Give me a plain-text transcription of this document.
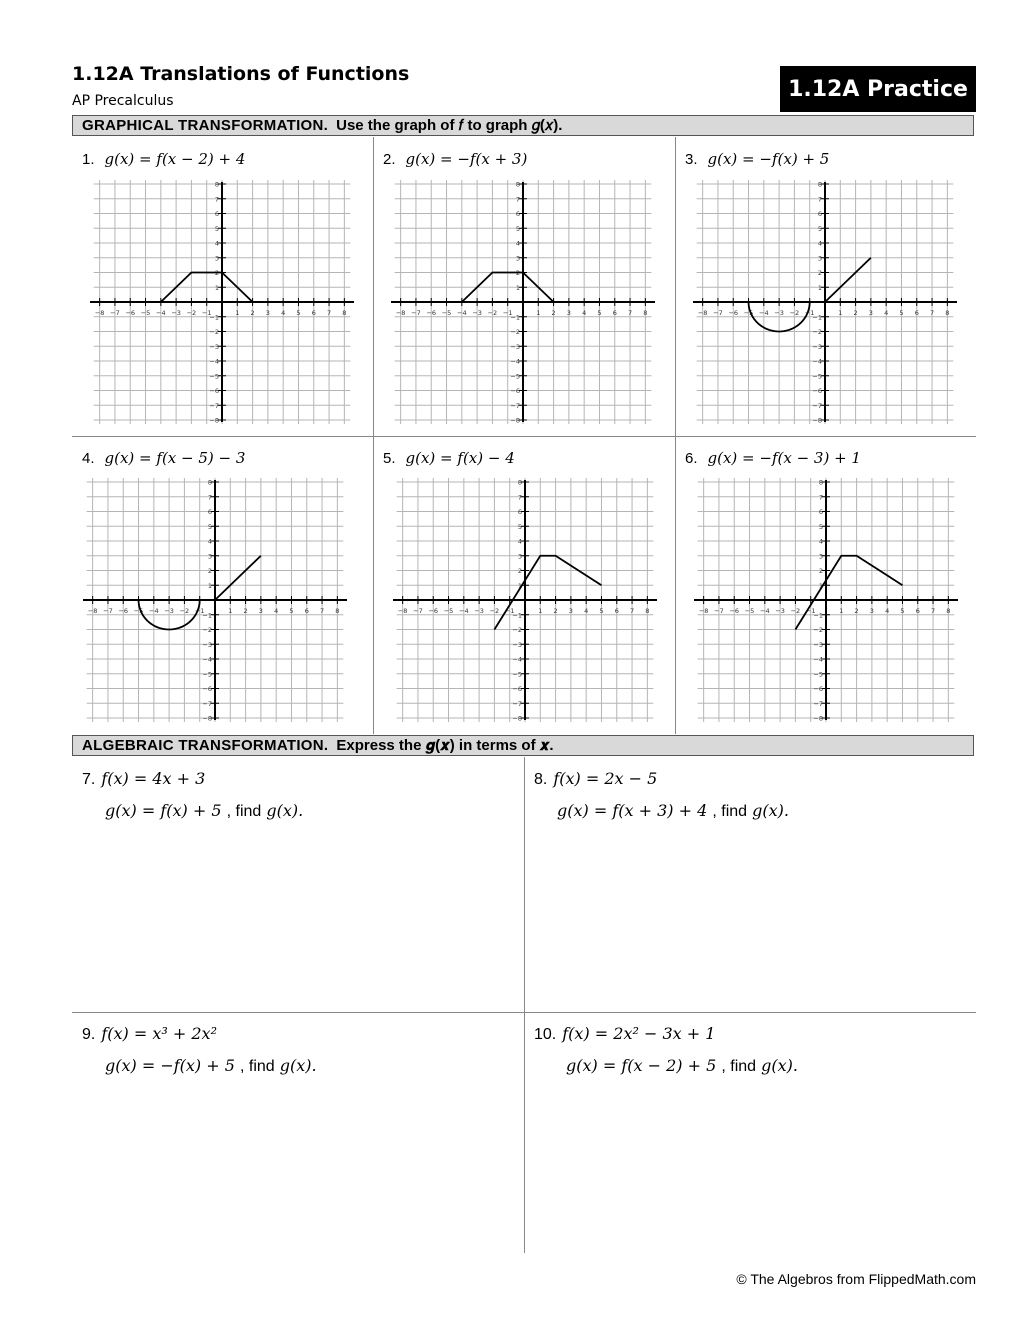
1.12A Translations of Functions
AP Precalculus	1.12A Practice
GRAPHICAL TRANSFORMATION. Use the graph of 𝑓 to graph 𝑔(𝑥).
1. g(x) = f(x − 2) + 4	2. g(x) = −f(x + 3)	3. g(x) = −f(x) + 5
4. g(x) = f(x − 5) − 3	5. g(x) = f(x) − 4	6. g(x) = −f(x − 3) + 1
−8 −7 −6 −5 −4 −3 −2 −1	1 2 3 4 5 6 7 8
−8
−7
−6
−5
−4
−3
−2
−1
1
2
3
4
5
6
7
8
−8 −7 −6 −5 −4 −3 −2 −1	1 2 3 4 5 6 7 8
−8
−7
−6
−5
−4
−3
−2
−1
1
2
3
4
5
6
7
8
−8 −7 −6 −5 −4 −3 −2 −1	1 2 3 4 5 6 7 8
−8
−7
−6
−5
−4
−3
−2
−1
1
2
3
4
5
6
7
8
−8 −7 −6 −5 −4 −3 −2 −1	1 2 3 4 5 6 7 8
−8
−7
−6
−5
−4
−3
−2
−1
1
2
3
4
5
6
7
8
−8 −7 −6 −5 −4 −3 −2 −1	1 2 3 4 5 6 7 8
−8
−7
−6
−5
−4
−3
−2
−1
1
2
3
4
5
6
7
8
−8 −7 −6 −5 −4 −3 −2 −1	1 2 3 4 5 6 7 8
−8
−7
−6
−5
−4
−3
−2
−1
1
2
3
4
5
6
7
8
ALGEBRAIC TRANSFORMATION. Express the 𝒈(𝒙) in terms of 𝒙.
7. f(x) = 4x + 3
g(x) = f(x) + 5 , find g(x).
8. f(x) = 2x − 5
g(x) = f(x + 3) + 4 , find g(x).
9. f(x) = x³ + 2x²
g(x) = −f(x) + 5 , find g(x).
10. f(x) = 2x² − 3x + 1
g(x) = f(x − 2) + 5 , find g(x).
© The Algebros from FlippedMath.com
